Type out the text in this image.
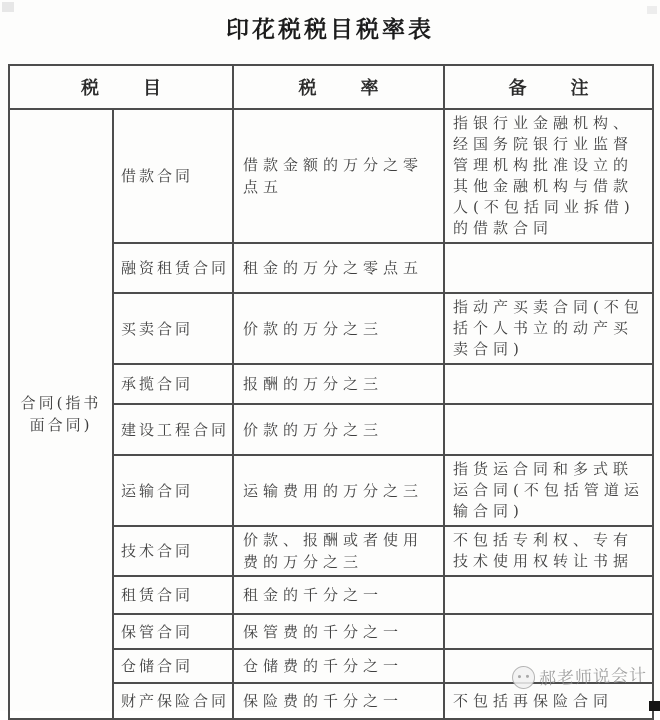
印花税税目税率表
税目		税率	备注
合同(指书面合同)	借款合同	借款金额的万分之零点五	指银行业金融机构、经国务院银行业监督管理机构批准设立的其他金融机构与借款人(不包括同业拆借)的借款合同
	融资租赁合同	租金的万分之零点五	
	买卖合同	价款的万分之三	指动产买卖合同(不包括个人书立的动产买卖合同)
	承揽合同	报酬的万分之三	
	建设工程合同	价款的万分之三	
	运输合同	运输费用的万分之三	指货运合同和多式联运合同(不包括管道运输合同)
	技术合同	价款、报酬或者使用费的万分之三	不包括专利权、专有技术使用权转让书据
	租赁合同	租金的千分之一	
	保管合同	保管费的千分之一	
	仓储合同	仓储费的千分之一	
	财产保险合同	保险费的千分之一	不包括再保险合同
郝老师说会计
